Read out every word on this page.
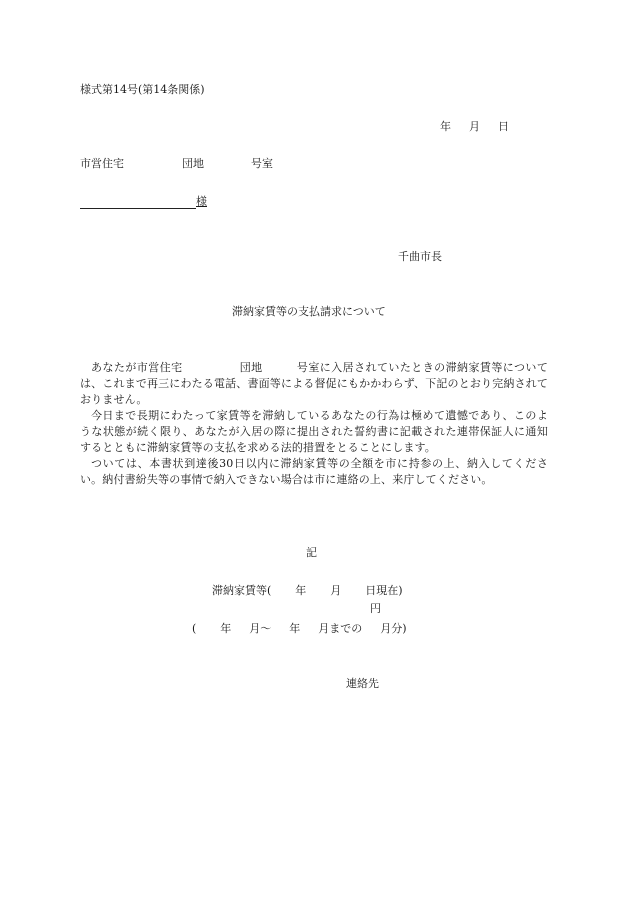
様式第14号(第14条関係)
年 月 日
市営住宅	団地	号室
様
千曲市長
滞納家賃等の支払請求について

あなたが市営住宅　　　　　団地　　　号室に入居されていたときの滞納家賃等については、これまで再三にわたる電話、書面等による督促にもかかわらず、下記のとおり完納されておりません。

今日まで長期にわたって家賃等を滞納しているあなたの行為は極めて遺憾であり、このような状態が続く限り、あなたが入居の際に提出された誓約書に記載された連帯保証人に通知するとともに滞納家賃等の支払を求める法的措置をとることにします。

ついては、本書状到達後30日以内に滞納家賃等の全額を市に持参の上、納入してください。納付書紛失等の事情で納入できない場合は市に連絡の上、来庁してください。

記
滞納家賃等( 年 月 日現在)
円
( 年 月〜 年 月までの 月分)
連絡先
